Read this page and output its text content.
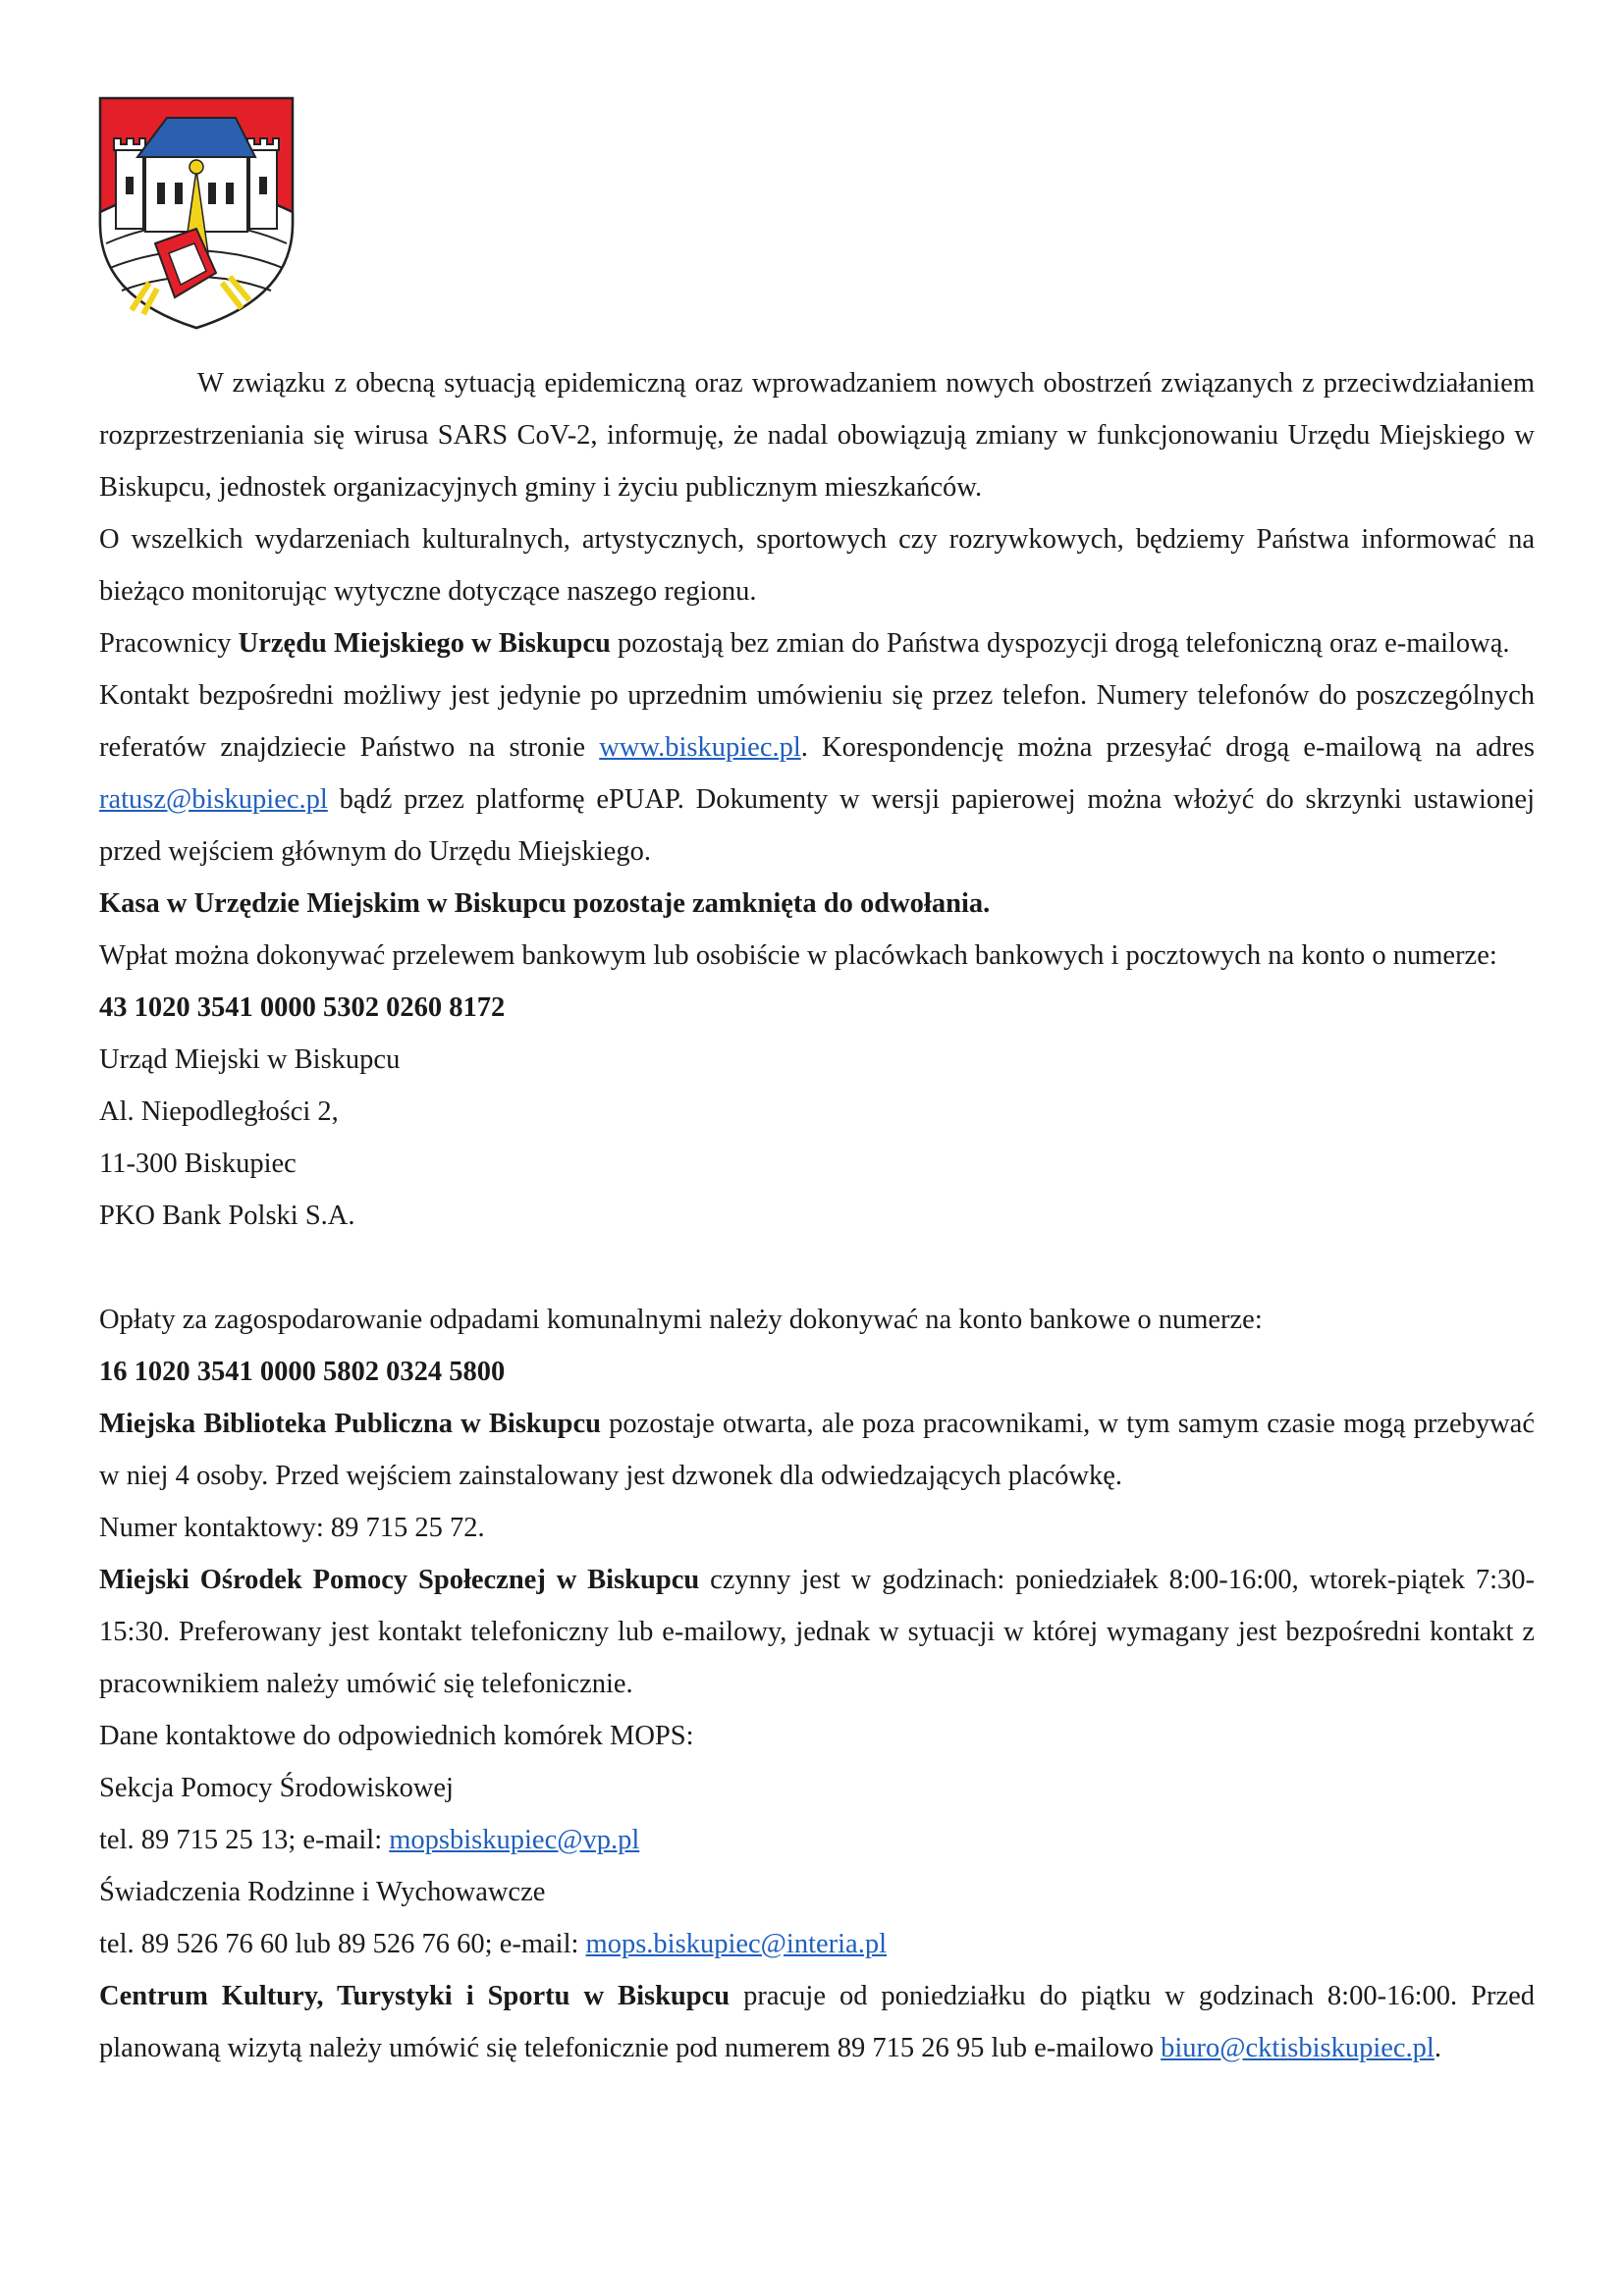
W związku z obecną sytuacją epidemiczną oraz wprowadzaniem nowych obostrzeń związanych z przeciwdziałaniem rozprzestrzeniania się wirusa SARS CoV-2, informuję, że nadal obowiązują zmiany w funkcjonowaniu Urzędu Miejskiego w Biskupcu, jednostek organizacyjnych gminy i życiu publicznym mieszkańców.

O wszelkich wydarzeniach kulturalnych, artystycznych, sportowych czy rozrywkowych, będziemy Państwa informować na bieżąco monitorując wytyczne dotyczące naszego regionu.

Pracownicy Urzędu Miejskiego w Biskupcu pozostają bez zmian do Państwa dyspozycji drogą telefoniczną oraz e-mailową.

Kontakt bezpośredni możliwy jest jedynie po uprzednim umówieniu się przez telefon. Numery telefonów do poszczególnych referatów znajdziecie Państwo na stronie www.biskupiec.pl. Korespondencję można przesyłać drogą e-mailową na adres ratusz@biskupiec.pl bądź przez platformę ePUAP. Dokumenty w wersji papierowej można włożyć do skrzynki ustawionej przed wejściem głównym do Urzędu Miejskiego.

Kasa w Urzędzie Miejskim w Biskupcu pozostaje zamknięta do odwołania.

Wpłat można dokonywać przelewem bankowym lub osobiście w placówkach bankowych i pocztowych na konto o numerze:

43 1020 3541 0000 5302 0260 8172

Urząd Miejski w Biskupcu

Al. Niepodległości 2,

11-300 Biskupiec

PKO Bank Polski S.A.

Opłaty za zagospodarowanie odpadami komunalnymi należy dokonywać na konto bankowe o numerze:

16 1020 3541 0000 5802 0324 5800

Miejska Biblioteka Publiczna w Biskupcu pozostaje otwarta, ale poza pracownikami, w tym samym czasie mogą przebywać w niej 4 osoby. Przed wejściem zainstalowany jest dzwonek dla odwiedzających placówkę.

Numer kontaktowy: 89 715 25 72.

Miejski Ośrodek Pomocy Społecznej w Biskupcu czynny jest w godzinach: poniedziałek 8:00-16:00, wtorek-piątek 7:30-15:30. Preferowany jest kontakt telefoniczny lub e-mailowy, jednak w sytuacji w której wymagany jest bezpośredni kontakt z pracownikiem należy umówić się telefonicznie.

Dane kontaktowe do odpowiednich komórek MOPS:

Sekcja Pomocy Środowiskowej

tel. 89 715 25 13; e-mail: mopsbiskupiec@vp.pl

Świadczenia Rodzinne i Wychowawcze

tel. 89 526 76 60 lub 89 526 76 60; e-mail: mops.biskupiec@interia.pl

Centrum Kultury, Turystyki i Sportu w Biskupcu pracuje od poniedziałku do piątku w godzinach 8:00-16:00. Przed planowaną wizytą należy umówić się telefonicznie pod numerem 89 715 26 95 lub e-mailowo biuro@cktisbiskupiec.pl.
